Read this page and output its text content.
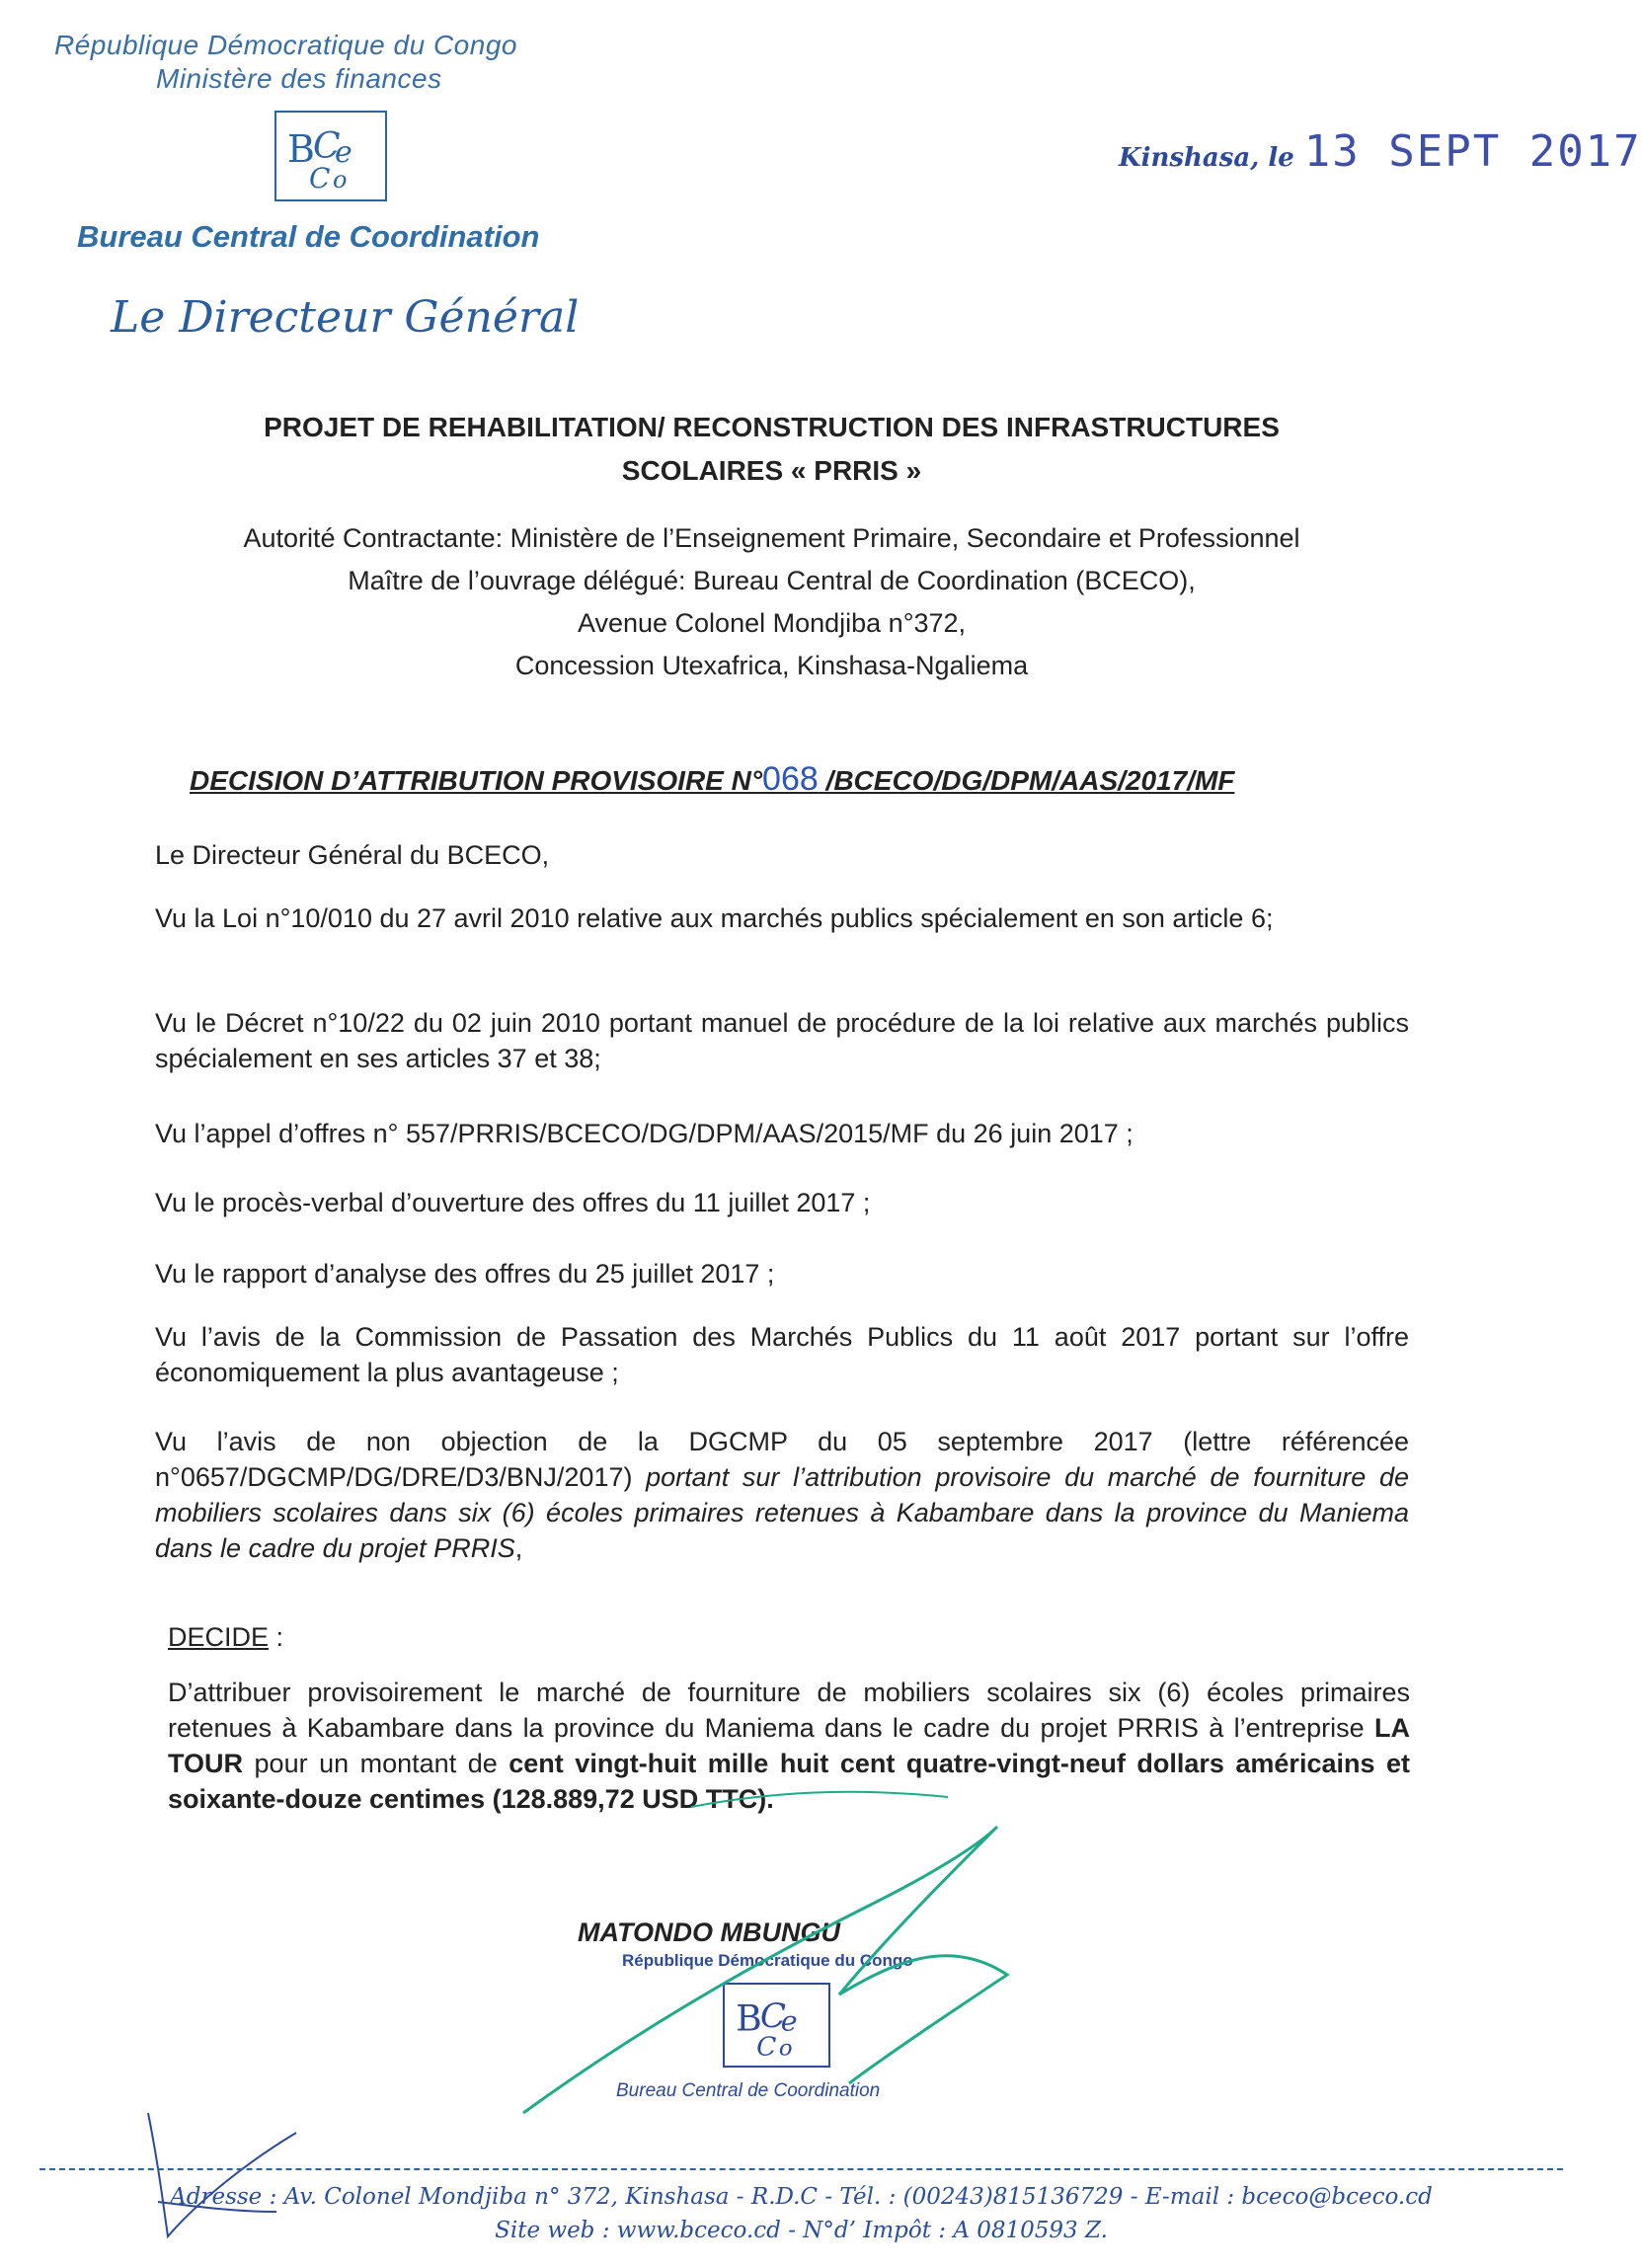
République Démocratique du Congo
Ministère des finances
B
C
e
C o
Bureau Central de Coordination
Le Directeur Général
Kinshasa, le 13 SEPT 2017
PROJET DE REHABILITATION/ RECONSTRUCTION DES INFRASTRUCTURES
SCOLAIRES « PRRIS »
Autorité Contractante: Ministère de l’Enseignement Primaire, Secondaire et Professionnel
Maître de l’ouvrage délégué: Bureau Central de Coordination (BCECO),
Avenue Colonel Mondjiba n°372,
Concession Utexafrica, Kinshasa-Ngaliema
DECISION D’ATTRIBUTION PROVISOIRE N°068 /BCECO/DG/DPM/AAS/2017/MF
Le Directeur Général du BCECO,
Vu la Loi n°10/010 du 27 avril 2010 relative aux marchés publics spécialement en son article 6;
Vu le Décret n°10/22 du 02 juin 2010 portant manuel de procédure de la loi relative aux marchés publics spécialement en ses articles 37 et 38;
Vu l’appel d’offres n° 557/PRRIS/BCECO/DG/DPM/AAS/2015/MF du 26 juin 2017 ;
Vu le procès-verbal d’ouverture des offres du 11 juillet 2017 ;
Vu le rapport d’analyse des offres du 25 juillet 2017 ;
Vu l’avis de la Commission de Passation des Marchés Publics du 11 août 2017 portant sur l’offre économiquement la plus avantageuse ;
Vu l’avis de non objection de la DGCMP du 05 septembre 2017 (lettre référencée n°0657/DGCMP/DG/DRE/D3/BNJ/2017) portant sur l’attribution provisoire du marché de fourniture de mobiliers scolaires dans six (6) écoles primaires retenues à Kabambare dans la province du Maniema dans le cadre du projet PRRIS,
DECIDE :
D’attribuer provisoirement le marché de fourniture de mobiliers scolaires six (6) écoles primaires retenues à Kabambare dans la province du Maniema dans le cadre du projet PRRIS à l’entreprise LA TOUR pour un montant de cent vingt-huit mille huit cent quatre-vingt-neuf dollars américains et soixante-douze centimes (128.889,72 USD TTC).
MATONDO MBUNGU
République Démocratique du Congo
B
C
e
C o
Bureau Central de Coordination
Adresse : Av. Colonel Mondjiba n° 372, Kinshasa - R.D.C - Tél. : (00243)815136729 - E-mail : bceco@bceco.cd
Site web : www.bceco.cd - N°d’ Impôt : A 0810593 Z.
